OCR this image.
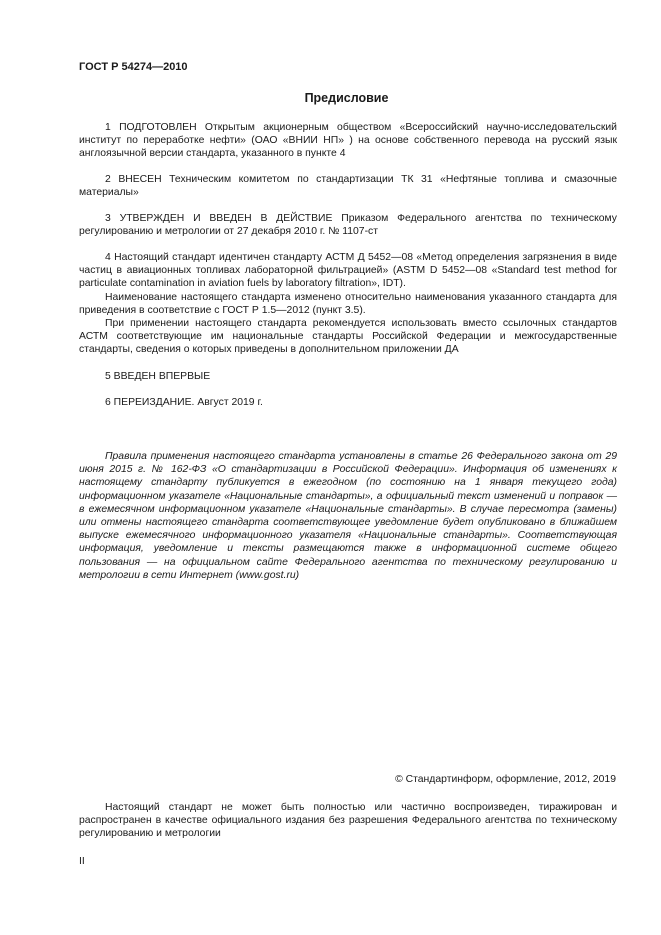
ГОСТ Р 54274—2010
Предисловие

1 ПОДГОТОВЛЕН Открытым акционерным обществом «Всероссийский научно-исследовательский институт по переработке нефти» (ОАО «ВНИИ НП» ) на основе собственного перевода на русский язык англоязычной версии стандарта, указанного в пункте 4

2 ВНЕСЕН Техническим комитетом по стандартизации ТК 31 «Нефтяные топлива и смазочные материалы»

3 УТВЕРЖДЕН И ВВЕДЕН В ДЕЙСТВИЕ Приказом Федерального агентства по техническому регулированию и метрологии от 27 декабря 2010 г. № 1107-ст

4 Настоящий стандарт идентичен стандарту АСТМ Д 5452—08 «Метод определения загрязнения в виде частиц в авиационных топливах лабораторной фильтрацией» (ASTM D 5452—08 «Standard test method for particulate contamination in aviation fuels by laboratory filtration», IDT).

Наименование настоящего стандарта изменено относительно наименования указанного стандарта для приведения в соответствие с ГОСТ Р 1.5—2012 (пункт 3.5).

При применении настоящего стандарта рекомендуется использовать вместо ссылочных стандартов АСТМ соответствующие им национальные стандарты Российской Федерации и межгосударственные стандарты, сведения о которых приведены в дополнительном приложении ДА

5 ВВЕДЕН ВПЕРВЫЕ

6 ПЕРЕИЗДАНИЕ. Август 2019 г.

Правила применения настоящего стандарта установлены в статье 26 Федерального закона от 29 июня 2015 г. № 162-ФЗ «О стандартизации в Российской Федерации». Информация об изменениях к настоящему стандарту публикуется в ежегодном (по состоянию на 1 января текущего года) информационном указателе «Национальные стандарты», а официальный текст изменений и поправок — в ежемесячном информационном указателе «Национальные стандарты». В случае пересмотра (замены) или отмены настоящего стандарта соответствующее уведомление будет опубликовано в ближайшем выпуске ежемесячного информационного указателя «Национальные стандарты». Соответствующая информация, уведомление и тексты размещаются также в информационной системе общего пользования — на официальном сайте Федерального агентства по техническому регулированию и метрологии в сети Интернет (www.gost.ru)

© Стандартинформ, оформление, 2012, 2019

Настоящий стандарт не может быть полностью или частично воспроизведен, тиражирован и распространен в качестве официального издания без разрешения Федерального агентства по техническому регулированию и метрологии

II
